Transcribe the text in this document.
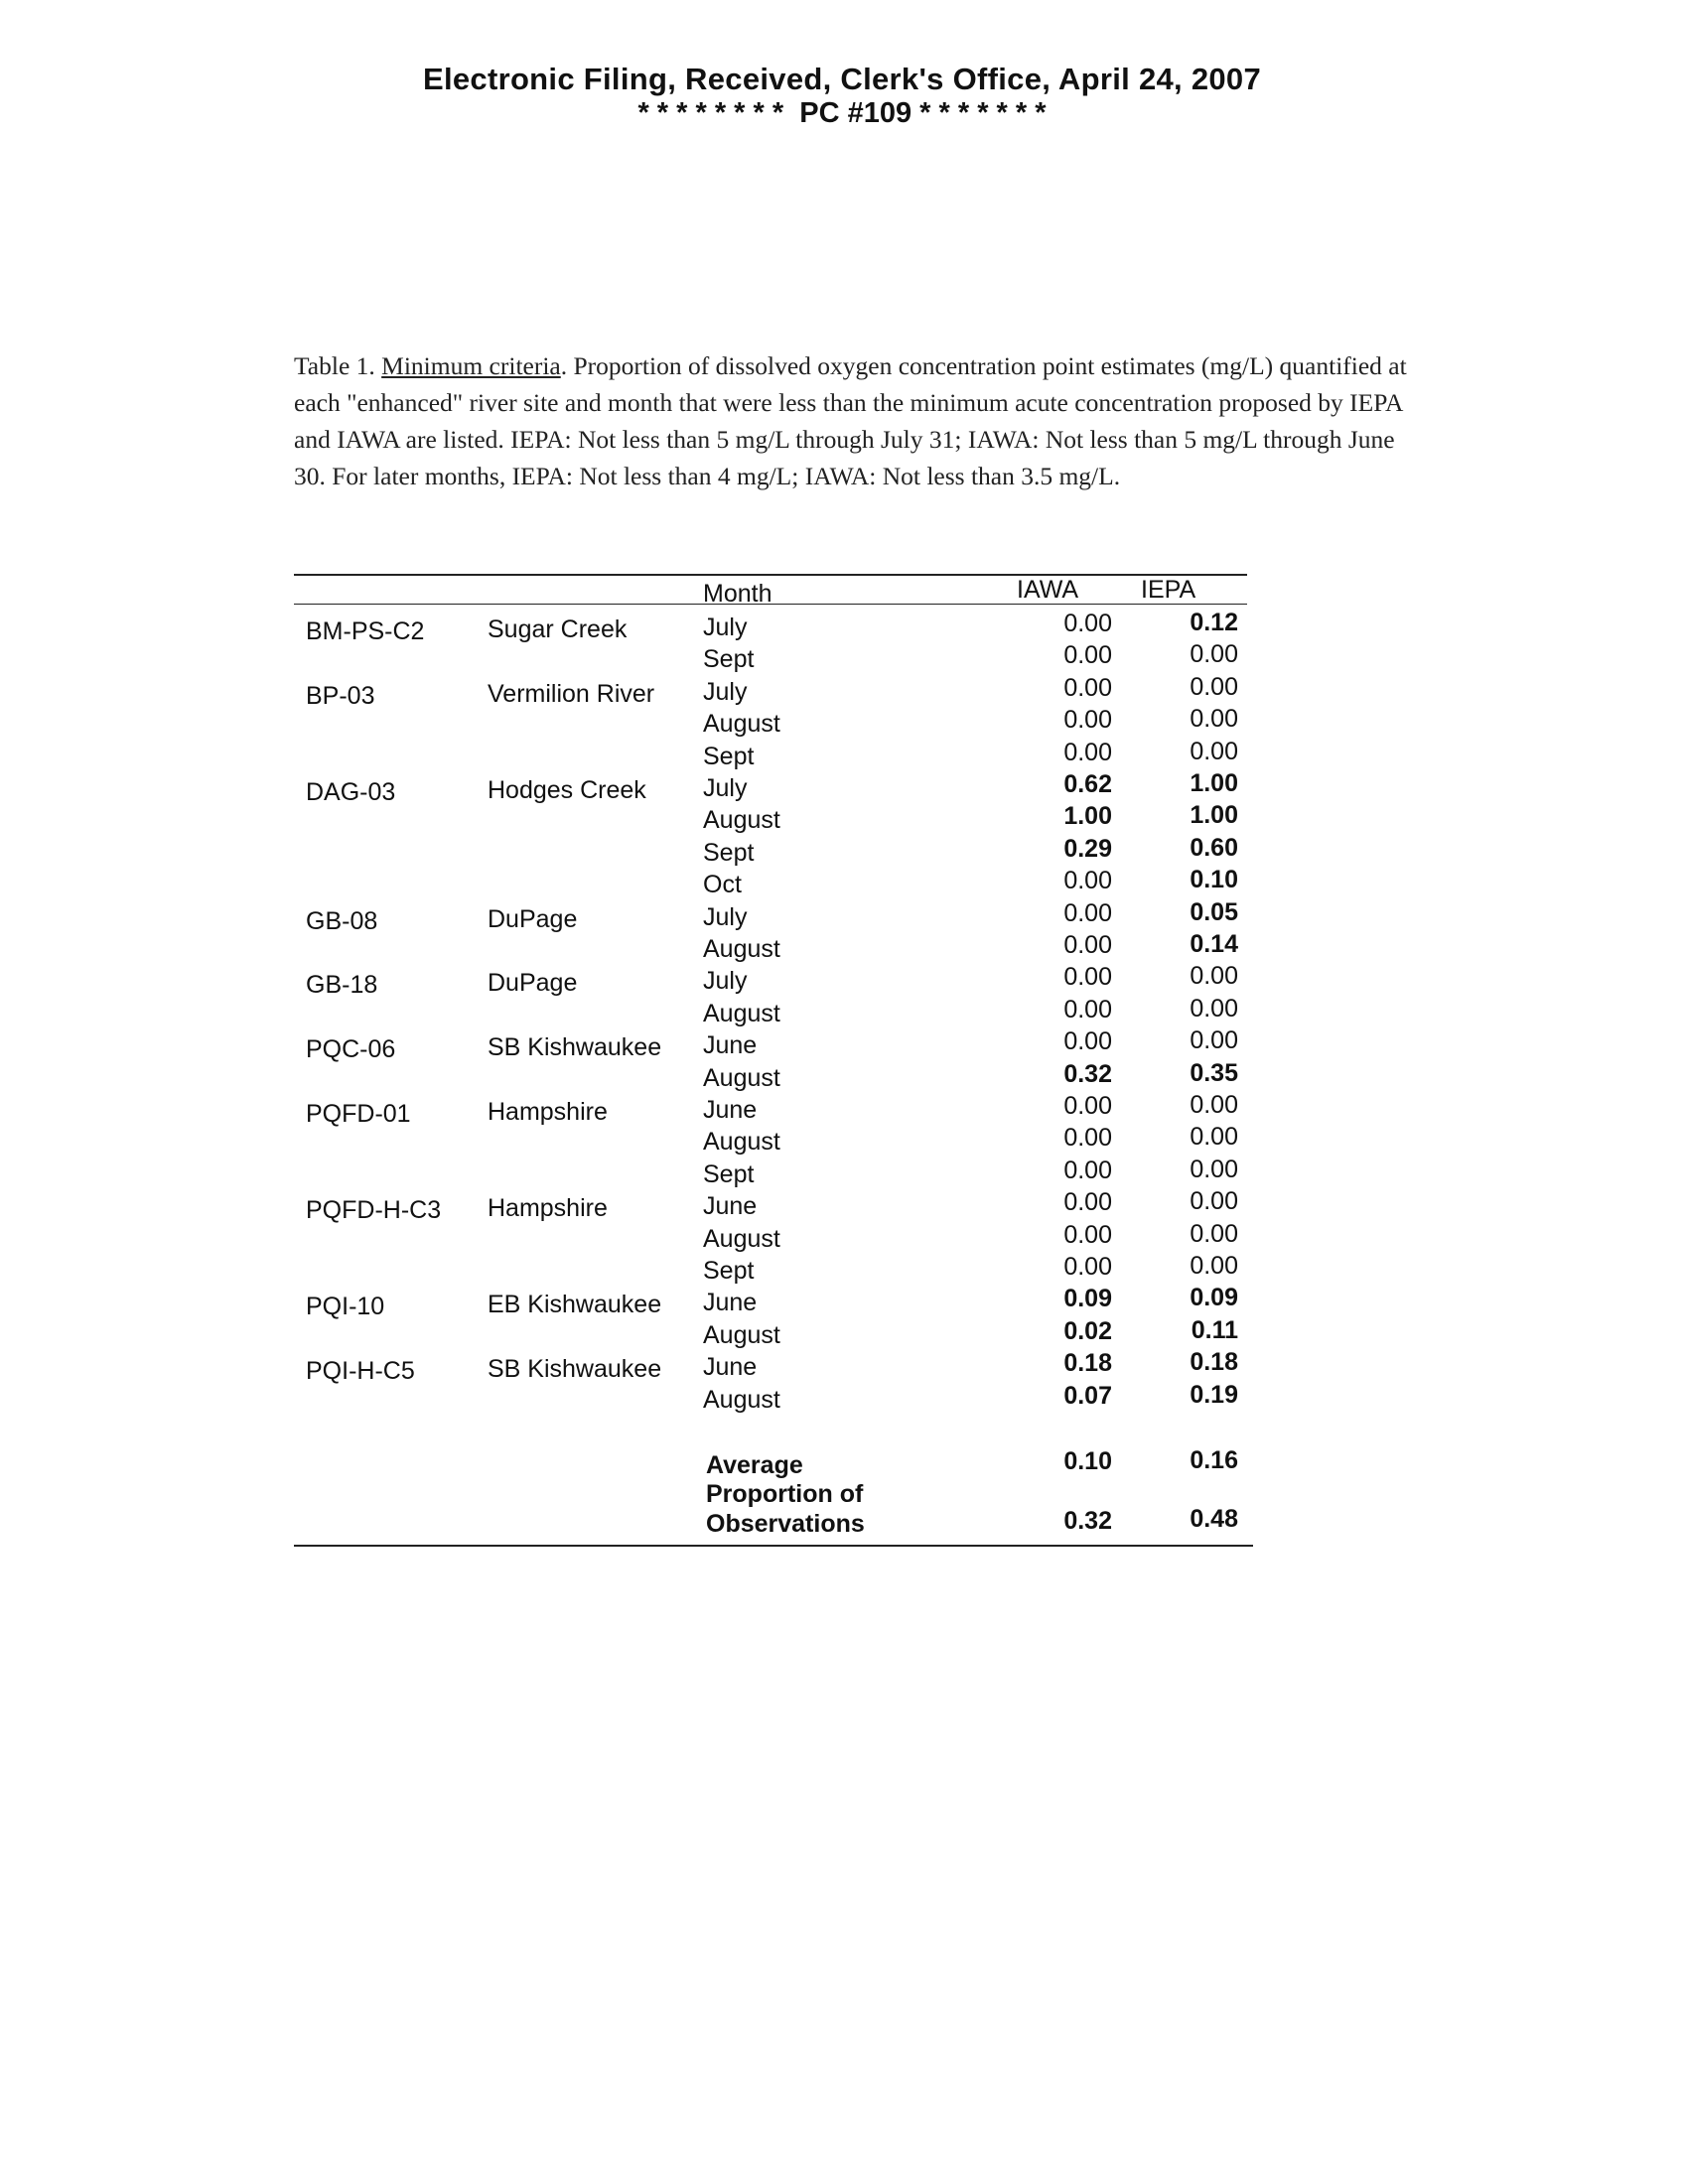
Electronic Filing, Received, Clerk's Office, April 24, 2007
* * * * * * * *  PC #109 * * * * * * *
Table 1. Minimum criteria. Proportion of dissolved oxygen concentration point estimates (mg/L) quantified at each "enhanced" river site and month that were less than the minimum acute concentration proposed by IEPA and IAWA are listed. IEPA: Not less than 5 mg/L through July 31; IAWA: Not less than 5 mg/L through June 30. For later months, IEPA: Not less than 4 mg/L; IAWA: Not less than 3.5 mg/L.
Month	IAWA	IEPA
BM-PS-C2	Sugar Creek	July	0.00	0.12
Sept	0.00	0.00
BP-03	Vermilion River July	0.00	0.00
August	0.00	0.00
Sept	0.00	0.00
DAG-03	Hodges Creek July	0.62	1.00
August	1.00	1.00
Sept	0.29	0.60
Oct	0.00	0.10
GB-08	DuPage	July	0.00	0.05
August	0.00	0.14
GB-18	DuPage	July	0.00	0.00
August	0.00	0.00
PQC-06	SB Kishwaukee June	0.00	0.00
August	0.32	0.35
PQFD-01	Hampshire	June	0.00	0.00
August	0.00	0.00
Sept	0.00	0.00
PQFD-H-C3 Hampshire	June	0.00	0.00
August	0.00	0.00
Sept	0.00	0.00
PQI-10	EB Kishwaukee June	0.09	0.09
August	0.02	0.11
PQI-H-C5	SB Kishwaukee June	0.18	0.18
August	0.07	0.19
Average	0.10	0.16
Proportion of
Observations	0.32	0.48
